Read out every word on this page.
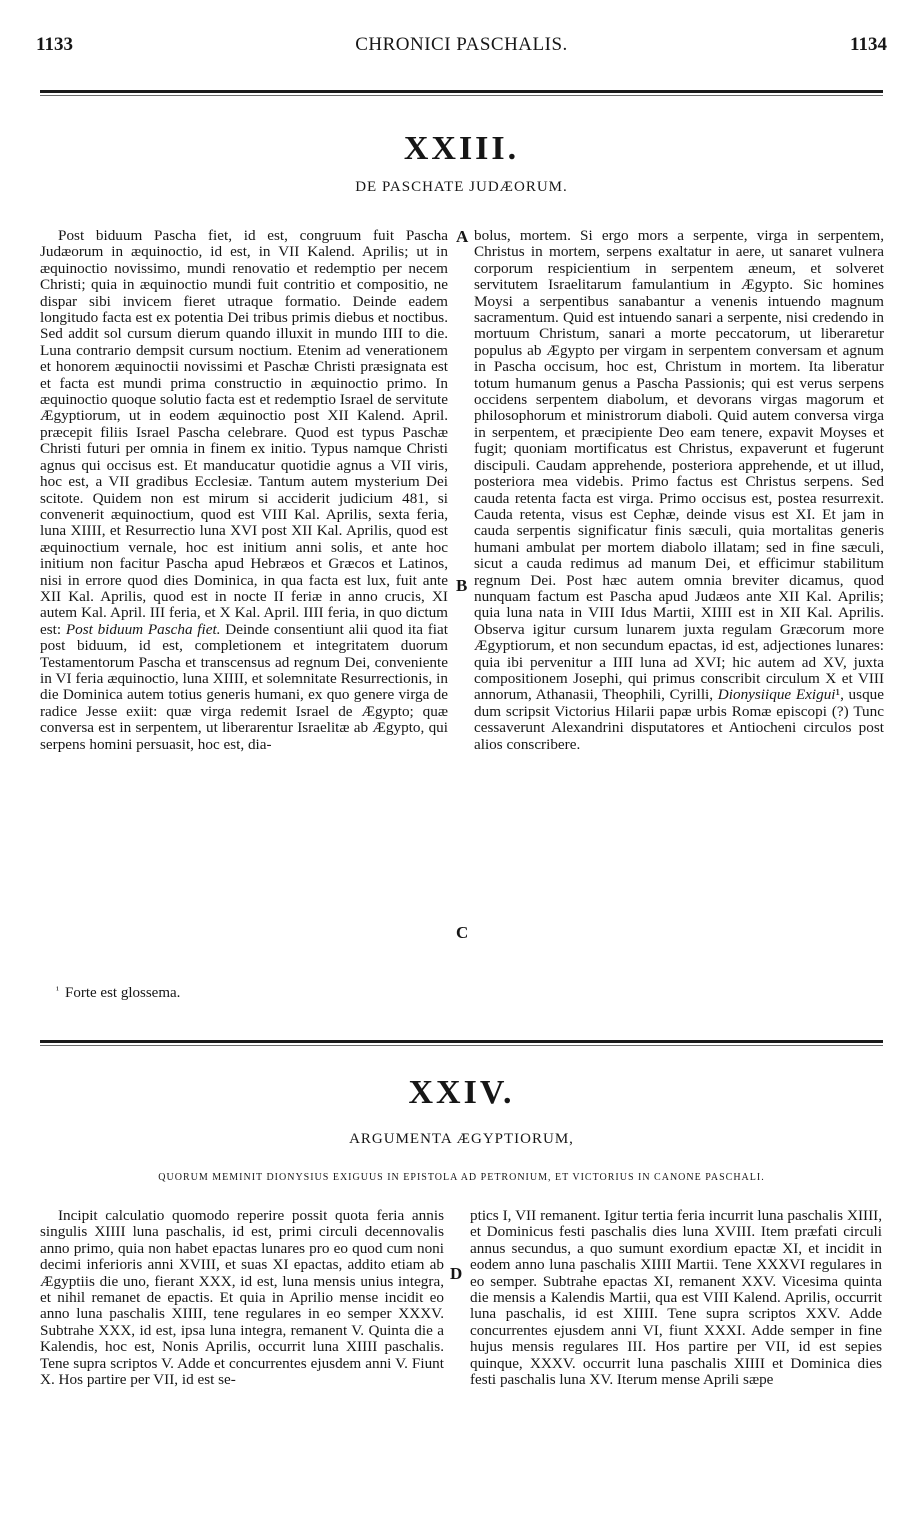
1133	CHRONICI PASCHALIS.	1134
XXIII.
DE PASCHATE JUDÆORUM.

Post biduum Pascha fiet, id est, congruum fuit Pascha Judæorum in æquinoctio, id est, in VII Kalend. Aprilis; ut in æquinoctio novissimo, mundi renovatio et redemptio per necem Christi; quia in æquinoctio mundi fuit contritio et compositio, ne dispar sibi invicem fieret utraque formatio. Deinde eadem longitudo facta est ex potentia Dei tribus primis diebus et noctibus. Sed addit sol cursum dierum quando illuxit in mundo IIII to die. Luna contrario dempsit cursum noctium. Etenim ad venerationem et honorem æquinoctii novissimi et Paschæ Christi præsignata est et facta est mundi prima constructio in æquinoctio primo. In æquinoctio quoque solutio facta est et redemptio Israel de servitute Ægyptiorum, ut in eodem æquinoctio post XII Kalend. April. præcepit filiis Israel Pascha celebrare. Quod est typus Paschæ Christi futuri per omnia in finem ex initio. Typus namque Christi agnus qui occisus est. Et manducatur quotidie agnus a VII viris, hoc est, a VII gradibus Ecclesiæ. Tantum autem mysterium Dei scitote. Quidem non est mirum si acciderit judicium 481, si convenerit æquinoctium, quod est VIII Kal. Aprilis, sexta feria, luna XIIII, et Resurrectio luna XVI post XII Kal. Aprilis, quod est æquinoctium vernale, hoc est initium anni solis, et ante hoc initium non facitur Pascha apud Hebræos et Græcos et Latinos, nisi in errore quod dies Dominica, in qua facta est lux, fuit ante XII Kal. Aprilis, quod est in nocte II feriæ in anno crucis, XI autem Kal. April. III feria, et X Kal. April. IIII feria, in quo dictum est: Post biduum Pascha fiet. Deinde consentiunt alii quod ita fiat post biduum, id est, completionem et integritatem duorum Testamentorum Pascha et transcensus ad regnum Dei, conveniente in VI feria æquinoctio, luna XIIII, et solemnitate Resurrectionis, in die Dominica autem totius generis humani, ex quo genere virga de radice Jesse exiit: quæ virga redemit Israel de Ægypto; quæ conversa est in serpentem, ut liberarentur Israelitæ ab Ægypto, qui serpens homini persuasit, hoc est, dia-

A
B
C

bolus, mortem. Si ergo mors a serpente, virga in serpentem, Christus in mortem, serpens exaltatur in aere, ut sanaret vulnera corporum respicientium in serpentem æneum, et solveret servitutem Israelitarum famulantium in Ægypto. Sic homines Moysi a serpentibus sanabantur a venenis intuendo magnum sacramentum. Quid est intuendo sanari a serpente, nisi credendo in mortuum Christum, sanari a morte peccatorum, ut liberaretur populus ab Ægypto per virgam in serpentem conversam et agnum in Pascha occisum, hoc est, Christum in mortem. Ita liberatur totum humanum genus a Pascha Passionis; qui est verus serpens occidens serpentem diabolum, et devorans virgas magorum et philosophorum et ministrorum diaboli. Quid autem conversa virga in serpentem, et præcipiente Deo eam tenere, expavit Moyses et fugit; quoniam mortificatus est Christus, expaverunt et fugerunt discipuli. Caudam apprehende, posteriora apprehende, et ut illud, posteriora mea videbis. Primo factus est Christus serpens. Sed cauda retenta facta est virga. Primo occisus est, postea resurrexit. Cauda retenta, visus est Cephæ, deinde visus est XI. Et jam in cauda serpentis significatur finis sæculi, quia mortalitas generis humani ambulat per mortem diabolo illatam; sed in fine sæculi, sicut a cauda redimus ad manum Dei, et efficimur stabilitum regnum Dei. Post hæc autem omnia breviter dicamus, quod nunquam factum est Pascha apud Judæos ante XII Kal. Aprilis; quia luna nata in VIII Idus Martii, XIIII est in XII Kal. Aprilis. Observa igitur cursum lunarem juxta regulam Græcorum more Ægyptiorum, et non secundum epactas, id est, adjectiones lunares: quia ibi pervenitur a IIII luna ad XVI; hic autem ad XV, juxta compositionem Josephi, qui primus conscribit circulum X et VIII annorum, Athanasii, Theophili, Cyrilli, Dionysiique Exigui¹, usque dum scripsit Victorius Hilarii papæ urbis Romæ episcopi (?) Tunc cessaverunt Alexandrini disputatores et Antiocheni circulos post alios conscribere.

$^{^1}$ Forte est glossema.
XXIV.
ARGUMENTA ÆGYPTIORUM,
QUORUM MEMINIT DIONYSIUS EXIGUUS IN EPISTOLA AD PETRONIUM, ET VICTORIUS IN CANONE PASCHALI.

Incipit calculatio quomodo reperire possit quota feria annis singulis XIIII luna paschalis, id est, primi circuli decennovalis anno primo, quia non habet epactas lunares pro eo quod cum noni decimi inferioris anni XVIII, et suas XI epactas, addito etiam ab Ægyptiis die uno, fierant XXX, id est, luna mensis unius integra, et nihil remanet de epactis. Et quia in Aprilio mense incidit eo anno luna paschalis XIIII, tene regulares in eo semper XXXV. Subtrahe XXX, id est, ipsa luna integra, remanent V. Quinta die a Kalendis, hoc est, Nonis Aprilis, occurrit luna XIIII paschalis. Tene supra scriptos V. Adde et concurrentes ejusdem anni V. Fiunt X. Hos partire per VII, id est se-

D

ptics I, VII remanent. Igitur tertia feria incurrit luna paschalis XIIII, et Dominicus festi paschalis dies luna XVIII. Item præfati circuli annus secundus, a quo sumunt exordium epactæ XI, et incidit in eodem anno luna paschalis XIIII Martii. Tene XXXVI regulares in eo semper. Subtrahe epactas XI, remanent XXV. Vicesima quinta die mensis a Kalendis Martii, qua est VIII Kalend. Aprilis, occurrit luna paschalis, id est XIIII. Tene supra scriptos XXV. Adde concurrentes ejusdem anni VI, fiunt XXXI. Adde semper in fine hujus mensis regulares III. Hos partire per VII, id est sepies quinque, XXXV. occurrit luna paschalis XIIII et Dominica dies festi paschalis luna XV. Iterum mense Aprili sæpe
